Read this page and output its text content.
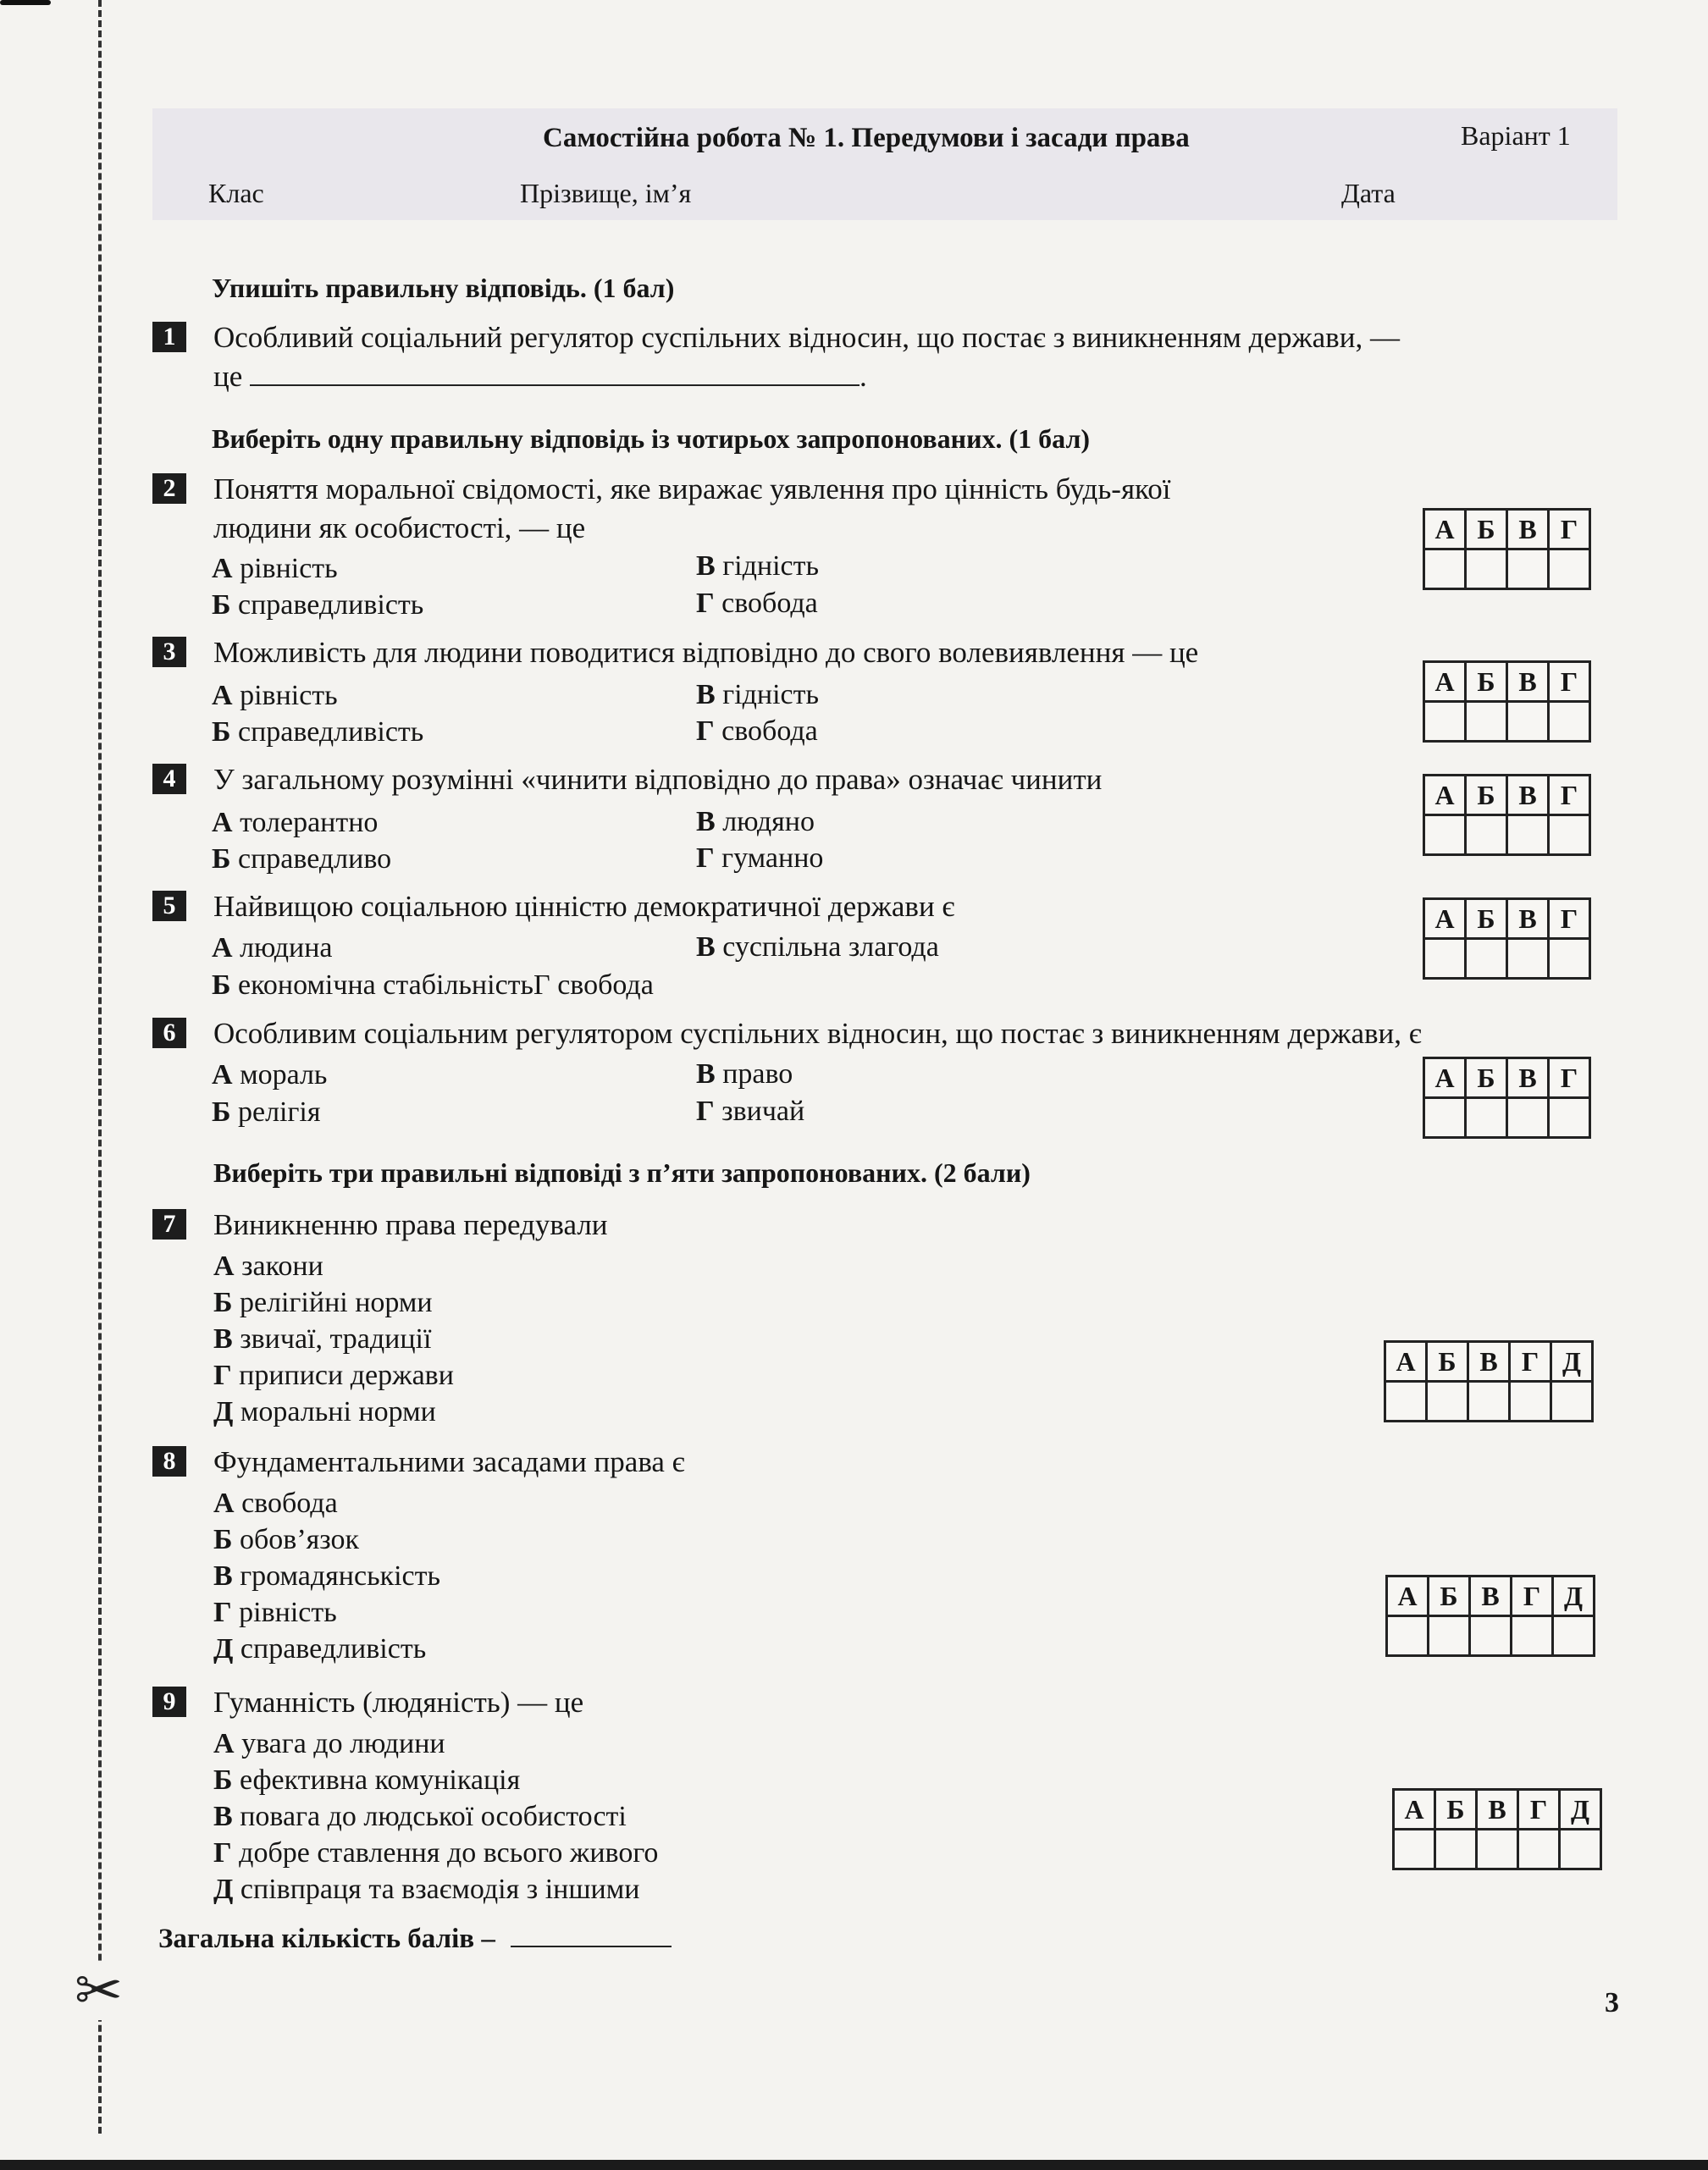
✂
Самостійна робота № 1. Передумови і засади права	Варіант 1
Клас	Прізвище, ім’я	Дата
Упишіть правильну відповідь. (1 бал)
1	Особливий соціальний регулятор суспільних відносин, що постає з виникненням держави, —
це	.
Виберіть одну правильну відповідь із чотирьох запропонованих. (1 бал)
2	Поняття моральної свідомості, яке виражає уявлення про цінність будь-якої
людини як особистості, — це
А рівність
Б справедливість
В гідність
Г свобода
А	Б	В	Г

3	Можливість для людини поводитися відповідно до свого волевиявлення — це
А рівність
Б справедливість
В гідність
Г свобода
А	Б	В	Г

4	У загальному розумінні «чинити відповідно до права» означає чинити
А толерантно
Б справедливо
В людяно
Г гуманно
А	Б	В	Г

5	Найвищою соціальною цінністю демократичної держави є
А людина
Б економічна стабільністьГ свобода
В суспільна злагода
А	Б	В	Г

6	Особливим соціальним регулятором суспільних відносин, що постає з виникненням держави, є
А мораль
Б релігія
В право
Г звичай
А	Б	В	Г

Виберіть три правильні відповіді з п’яти запропонованих. (2 бали)
7	Виникненню права передували
А закони
Б релігійні норми
В звичаї, традиції
Г приписи держави
Д моральні норми
А	Б	В	Г	Д

8	Фундаментальними засадами права є
А свобода
Б обов’язок
В громадянськість
Г рівність
Д справедливість
А	Б	В	Г	Д

9	Гуманність (людяність) — це
А увага до людини
Б ефективна комунікація
В повага до людської особистості
Г добре ставлення до всього живого
Д співпраця та взаємодія з іншими
А	Б	В	Г	Д

Загальна кількість балів –
3
